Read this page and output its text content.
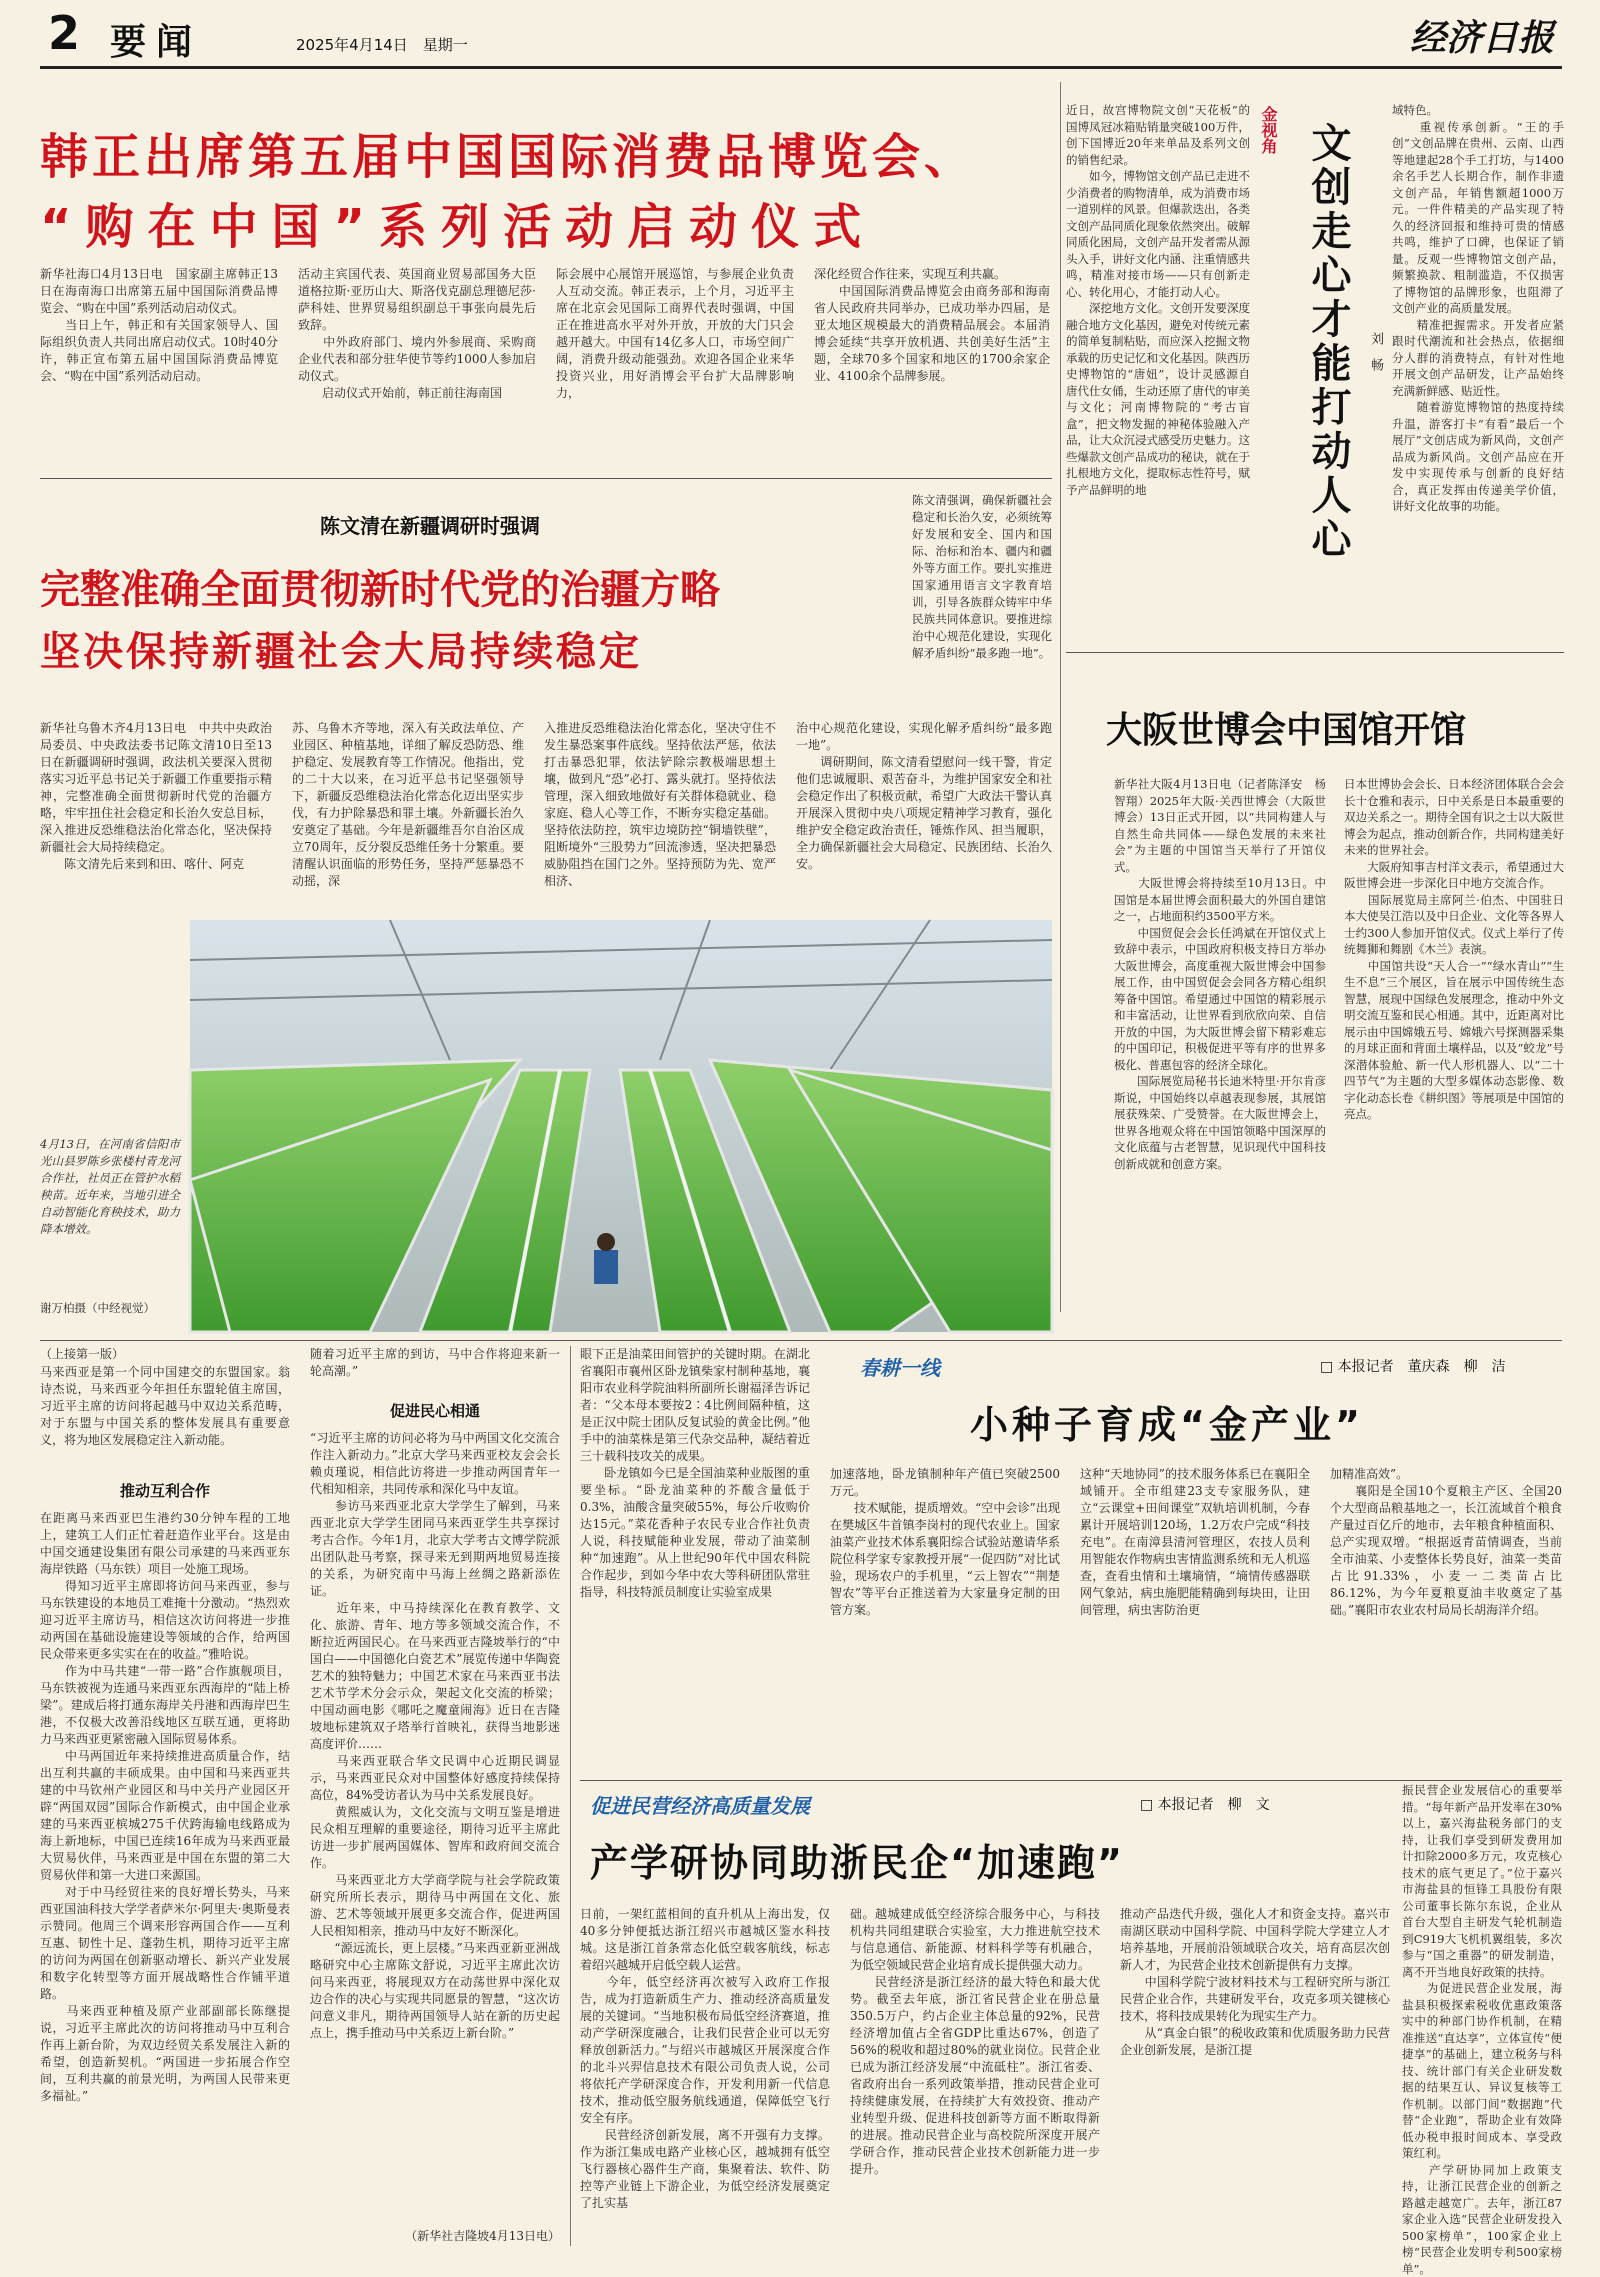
2 要闻	2025年4月14日　星期一	经济日报
韩正出席第五届中国国际消费品博览会、
“购在中国”系列活动启动仪式
新华社海口4月13日电　国家副主席韩正13日在海南海口出席第五届中国国际消费品博览会、“购在中国”系列活动启动仪式。
　　当日上午，韩正和有关国家领导人、国际组织负责人共同出席启动仪式。10时40分许，韩正宣布第五届中国国际消费品博览会、“购在中国”系列活动启动。
活动主宾国代表、英国商业贸易部国务大臣道格拉斯·亚历山大、斯洛伐克副总理德尼莎·萨科娃、世界贸易组织副总干事张向晨先后致辞。
　　中外政府部门、境内外参展商、采购商企业代表和部分驻华使节等约1000人参加启动仪式。
　　启动仪式开始前，韩正前往海南国
际会展中心展馆开展巡馆，与参展企业负责人互动交流。韩正表示，上个月，习近平主席在北京会见国际工商界代表时强调，中国正在推进高水平对外开放，开放的大门只会越开越大。中国有14亿多人口，市场空间广阔，消费升级动能强劲。欢迎各国企业来华投资兴业，用好消博会平台扩大品牌影响力，
深化经贸合作往来，实现互利共赢。
　　中国国际消费品博览会由商务部和海南省人民政府共同举办，已成功举办四届，是亚太地区规模最大的消费精品展会。本届消博会延续“共享开放机遇、共创美好生活”主题，全球70多个国家和地区的1700余家企业、4100余个品牌参展。
陈文清在新疆调研时强调
完整准确全面贯彻新时代党的治疆方略
坚决保持新疆社会大局持续稳定
陈文清强调，确保新疆社会稳定和长治久安，必须统筹好发展和安全、国内和国际、治标和治本、疆内和疆外等方面工作。要扎实推进国家通用语言文字教育培训，引导各族群众铸牢中华民族共同体意识。要推进综治中心规范化建设，实现化解矛盾纠纷“最多跑一地”。
新华社乌鲁木齐4月13日电　中共中央政治局委员、中央政法委书记陈文清10日至13日在新疆调研时强调，政法机关要深入贯彻落实习近平总书记关于新疆工作重要指示精神，完整准确全面贯彻新时代党的治疆方略，牢牢扭住社会稳定和长治久安总目标，深入推进反恐维稳法治化常态化，坚决保持新疆社会大局持续稳定。
　　陈文清先后来到和田、喀什、阿克
苏、乌鲁木齐等地，深入有关政法单位、产业园区、种植基地，详细了解反恐防恐、维护稳定、发展教育等工作情况。他指出，党的二十大以来，在习近平总书记坚强领导下，新疆反恐维稳法治化常态化迈出坚实步伐，有力护除暴恐和罪土壤。外新疆长治久安奠定了基础。今年是新疆维吾尔自治区成立70周年，反分裂反恐维任务十分繁重。要清醒认识面临的形势任务，坚持严惩暴恐不动摇，深
入推进反恐维稳法治化常态化，坚决守住不发生暴恐案事件底线。坚持依法严惩，依法打击暴恐犯罪，依法铲除宗教极端思想土壤，做到凡“恐”必打、露头就打。坚持依法管理，深入细致地做好有关群体稳就业、稳家庭、稳人心等工作，不断夯实稳定基础。坚持依法防控，筑牢边境防控“铜墙铁壁”，阻断境外“三股势力”回流渗透，坚决把暴恐威胁阻挡在国门之外。坚持预防为先、宽严相济、
治中心规范化建设，实现化解矛盾纠纷“最多跑一地”。
　　调研期间，陈文清看望慰问一线干警，肯定他们忠诚履职、艰苦奋斗，为维护国家安全和社会稳定作出了积极贡献，希望广大政法干警认真开展深入贯彻中央八项规定精神学习教育，强化维护安全稳定政治责任，锤炼作风、担当履职，全力确保新疆社会大局稳定、民族团结、长治久安。
4月13日，在河南省信阳市光山县罗陈乡张楼村青龙河合作社，社员正在管护水稻秧苗。近年来，当地引进全自动智能化育秧技术，助力降本增效。
谢万柏摄（中经视觉）
金视角 文创走心才能打动人心 刘　畅
近日，故宫博物院文创“天花板”的国博凤冠冰箱贴销量突破100万件，创下国博近20年来单品及系列文创的销售纪录。
　　如今，博物馆文创产品已走进不少消费者的购物清单，成为消费市场一道别样的风景。但爆款迭出，各类文创产品同质化现象依然突出。破解同质化困局，文创产品开发者需从源头入手，讲好文化内涵、注重情感共鸣，精准对接市场——只有创新走心、转化用心，才能打动人心。
　　深挖地方文化。文创开发要深度融合地方文化基因，避免对传统元素的简单复制粘贴，而应深入挖掘文物承载的历史记忆和文化基因。陕西历史博物馆的“唐妞”，设计灵感源自唐代仕女俑，生动还原了唐代的审美与文化；河南博物院的“考古盲盒”，把文物发掘的神秘体验融入产品，让大众沉浸式感受历史魅力。这些爆款文创产品成功的秘诀，就在于扎根地方文化，提取标志性符号，赋予产品鲜明的地
域特色。
　　重视传承创新。“王的手创”文创品牌在贵州、云南、山西等地建起28个手工打坊，与1400余名手艺人长期合作，制作非遗文创产品，年销售额超1000万元。一件件精美的产品实现了特久的经济回报和维持可贵的情感共鸣，维护了口碑，也保证了销量。反观一些博物馆文创产品，频繁换款、粗制滥造，不仅损害了博物馆的品牌形象，也阻滞了文创产业的高质量发展。
　　精准把握需求。开发者应紧跟时代潮流和社会热点，依据细分人群的消费特点，有针对性地开展文创产品研发，让产品始终充满新鲜感、贴近性。
　　随着游览博物馆的热度持续升温，游客打卡“有看”最后一个展厅”文创店成为新风尚，文创产品成为新风尚。文创产品应在开发中实现传承与创新的良好结合，真正发挥由传递美学价值，讲好文化故事的功能。
大阪世博会中国馆开馆
新华社大阪4月13日电（记者陈泽安　杨智翔）2025年大阪·关西世博会（大阪世博会）13日正式开园，以“共同构建人与自然生命共同体——绿色发展的未来社会”为主题的中国馆当天举行了开馆仪式。
　　大阪世博会将持续至10月13日。中国馆是本届世博会面积最大的外国自建馆之一，占地面积约3500平方米。
　　中国贸促会会长任鸿斌在开馆仪式上致辞中表示，中国政府积极支持日方举办大阪世博会，高度重视大阪世博会中国参展工作，由中国贸促会会同各方精心组织筹备中国馆。希望通过中国馆的精彩展示和丰富活动，让世界看到欣欣向荣、自信开放的中国，为大阪世博会留下精彩难忘的中国印记，积极促进平等有序的世界多极化、普惠包容的经济全球化。
　　国际展览局秘书长迪米特里·开尔肯彦斯说，中国始终以卓越表现参展，其展馆展获殊荣、广受赞誉。在大阪世博会上，世界各地观众将在中国馆领略中国深厚的文化底蕴与古老智慧，见识现代中国科技创新成就和创意方案。
日本世博协会会长、日本经济团体联合会会长十仓雅和表示，日中关系是日本最重要的双边关系之一。期待全国有识之士以大阪世博会为起点，推动创新合作，共同构建美好未来的世界社会。
　　大阪府知事吉村洋文表示，希望通过大阪世博会进一步深化日中地方交流合作。
　　国际展览局主席阿兰·伯杰、中国驻日本大使吴江浩以及中日企业、文化等各界人士约300人参加开馆仪式。仪式上举行了传统舞狮和舞剧《木兰》表演。
　　中国馆共设“天人合一”“绿水青山”“生生不息”三个展区，旨在展示中国传统生态智慧，展现中国绿色发展理念，推动中外文明交流互鉴和民心相通。其中，近距离对比展示由中国嫦娥五号、嫦娥六号探测器采集的月球正面和背面土壤样品，以及“蛟龙”号深潜体验舱、新一代人形机器人、以“二十四节气”为主题的大型多媒体动态影像、数字化动态长卷《耕织图》等展项是中国馆的亮点。
（上接第一版）
马来西亚是第一个同中国建交的东盟国家。翁诗杰说，马来西亚今年担任东盟轮值主席国，习近平主席的访问将起越马中双边关系范畴，对于东盟与中国关系的整体发展具有重要意义，将为地区发展稳定注入新动能。
推动互利合作
在距离马来西亚巴生港约30分钟车程的工地上，建筑工人们正忙着赶造作业平台。这是由中国交通建设集团有限公司承建的马来西亚东海岸铁路（马东铁）项目一处施工现场。
　　得知习近平主席即将访问马来西亚，参与马东铁建设的本地员工难掩十分激动。“热烈欢迎习近平主席访马，相信这次访问将进一步推动两国在基础设施建设等领域的合作，给两国民众带来更多实实在在的收益。”雅哈说。
　　作为中马共建“一带一路”合作旗舰项目，马东铁被视为连通马来西亚东西海岸的“陆上桥梁”。建成后将打通东海岸关丹港和西海岸巴生港，不仅极大改善沿线地区互联互通，更将助力马来西亚更紧密融入国际贸易体系。
　　中马两国近年来持续推进高质量合作，结出互利共赢的丰硕成果。由中国和马来西亚共建的中马钦州产业园区和马中关丹产业园区开辟“两国双园”国际合作新模式，由中国企业承建的马来西亚槟城275千伏跨海输电线路成为海上新地标，中国已连续16年成为马来西亚最大贸易伙伴，马来西亚是中国在东盟的第二大贸易伙伴和第一大进口来源国。
　　对于中马经贸往来的良好增长势头，马来西亚国油科技大学学者萨米尔·阿里夫·奥斯曼表示赞同。他周三个调来形容两国合作——互利互惠、韧性十足、蓬勃生机，期待习近平主席的访问为两国在创新驱动增长、新兴产业发展和数字化转型等方面开展战略性合作铺平道路。
　　马来西亚种植及原产业部副部长陈继提说，习近平主席此次的访问将推动马中互利合作再上新台阶，为双边经贸关系发展注入新的希望，创造新契机。“两国进一步拓展合作空间，互利共赢的前景光明，为两国人民带来更多福祉。”
随着习近平主席的到访，马中合作将迎来新一轮高潮。”
促进民心相通
“习近平主席的访问必将为马中两国文化交流合作注入新动力。”北京大学马来西亚校友会会长赖贞瑾说，相信此访将进一步推动两国青年一代相知相亲，共同传承和深化马中友谊。
　　参访马来西亚北京大学学生了解到，马来西亚北京大学学生团同马来西亚学生共享探讨考古合作。今年1月，北京大学考古文博学院派出团队赴马考察，探寻来无到期两地贸易连接的关系，为研究南中马海上丝绸之路新添佐证。
　　近年来，中马持续深化在教育教学、文化、旅游、青年、地方等多领域交流合作，不断拉近两国民心。在马来西亚吉隆坡举行的“中国白——中国德化白瓷艺术”展览传递中华陶瓷艺术的独特魅力；中国艺术家在马来西亚书法艺术节学术分会示众，架起文化交流的桥梁；中国动画电影《哪吒之魔童闹海》近日在吉隆坡地标建筑双子塔举行首映礼，获得当地影迷高度评价……
　　马来西亚联合华文民调中心近期民调显示，马来西亚民众对中国整体好感度持续保持高位，84%受访者认为马中关系发展良好。
　　黄熙威认为，文化交流与文明互鉴是增进民众相互理解的重要途径，期待习近平主席此访进一步扩展两国媒体、智库和政府间交流合作。
　　马来西亚北方大学商学院与社会学院政策研究所所长表示，期待马中两国在文化、旅游、艺术等领域开展更多交流合作，促进两国人民相知相亲，推动马中友好不断深化。
　　“源远流长，更上层楼。”马来西亚新亚洲战略研究中心主席陈文舒说，习近平主席此次访问马来西亚，将展现双方在动荡世界中深化双边合作的决心与实现共同愿景的智慧，“这次访问意义非凡，期待两国领导人站在新的历史起点上，携手推动马中关系迈上新台阶。”
（新华社吉隆坡4月13日电）
春耕一线	□ 本报记者　董庆森　柳　洁
小种子育成“金产业”
眼下正是油菜田间管护的关键时期。在湖北省襄阳市襄州区卧龙镇柴家村制种基地，襄阳市农业科学院油料所副所长谢福泽告诉记者：“父本母本要按2∶4比例间隔种植，这是正汉中院士团队反复试验的黄金比例。”他手中的油菜株是第三代杂交品种，凝结着近三十载科技攻关的成果。
　　卧龙镇如今已是全国油菜种业版图的重要坐标。“卧龙油菜种的芥酸含量低于0.3%，油酸含量突破55%，每公斤收购价达15元。”菜花香种子农民专业合作社负责人说，科技赋能种业发展，带动了油菜制种“加速跑”。从上世纪90年代中国农科院合作起步，到如今华中农大等科研团队常驻指导，科技特派员制度让实验室成果
加速落地，卧龙镇制种年产值已突破2500万元。
　　技术赋能，提质增效。“空中会诊”出现在樊城区牛首镇李岗村的现代农业上。国家油菜产业技术体系襄阳综合试验站邀请华系院位科学家专家教授开展“一促四防”对比试验，现场农户的手机里，“云上智农”“荆楚智农”等平台正推送着为大家量身定制的田管方案。
这种“天地协同”的技术服务体系已在襄阳全域铺开。全市组建23支专家服务队，建立“云课堂+田间课堂”双轨培训机制，今春累计开展培训120场，1.2万农户完成“科技充电”。在南漳县清河管理区，农技人员利用智能农作物病虫害情监测系统和无人机巡查，查看虫情和土壤墒情，“墒情传感器联网气象站，病虫施肥能精确到每块田，让田间管理，病虫害防治更
加精准高效”。
　　襄阳是全国10个夏粮主产区、全国20个大型商品粮基地之一，长江流域首个粮食产量过百亿斤的地市，去年粮食种植面积、总产实现双增。“根据返青苗情调查，当前全市油菜、小麦整体长势良好，油菜一类苗占比91.33%，小麦一二类苗占比86.12%，为今年夏粮夏油丰收奠定了基础。”襄阳市农业农村局局长胡海洋介绍。
促进民营经济高质量发展	□ 本报记者　柳　文
产学研协同助浙民企“加速跑”
振民营企业发展信心的重要举措。“每年新产品开发率在30%以上，嘉兴海盐税务部门的支持，让我们享受到研发费用加计扣除2000多万元，攻克核心技术的底气更足了。”位于嘉兴市海盐县的恒锋工具股份有限公司董事长陈尔东说，企业从首台大型自主研发气轮机制造到C919大飞机机翼组装，多次参与“国之重器”的研发制造，离不开当地良好政策的扶持。
　　为促进民营企业发展，海盐县积极探索税收优惠政策落实中的种部门协作机制，在精准推送“直达享”，立体宣传“便捷享”的基础上，建立税务与科技、统计部门有关企业研发数据的结果互认、异议复核等工作机制。以部门间“数据跑”代替“企业跑”，帮助企业有效降低办税申报时间成本、享受政策红利。
　　产学研协同加上政策支持，让浙江民营企业的创新之路越走越宽广。去年，浙江87家企业入选“民营企业研发投入500家榜单”，100家企业上榜“民营企业发明专利500家榜单”。
日前，一架红蓝相间的直升机从上海出发，仅40多分钟便抵达浙江绍兴市越城区鉴水科技城。这是浙江首条常态化低空载客航线，标志着绍兴越城开启低空载人运营。
　　今年，低空经济再次被写入政府工作报告，成为打造新质生产力、推动经济高质量发展的关键词。“当地积极布局低空经济赛道，推动产学研深度融合，让我们民营企业可以无穷释放创新活力。”与绍兴市越城区开展深度合作的北斗兴羿信息技术有限公司负责人说，公司将依托产学研深度合作，开发利用新一代信息技术，推动低空服务航线通道，保障低空飞行安全有序。
　　民营经济创新发展，离不开强有力支撑。作为浙江集成电路产业核心区，越城拥有低空飞行器核心器件生产商，集聚着法、软件、防控等产业链上下游企业，为低空经济发展奠定了扎实基
础。越城建成低空经济综合服务中心，与科技机构共同组建联合实验室，大力推进航空技术与信息通信、新能源、材料科学等有机融合，为低空领域民营企业培育成长提供强大动力。
　　民营经济是浙江经济的最大特色和最大优势。截至去年底，浙江省民营企业在册总量350.5万户，约占企业主体总量的92%，民营经济增加值占全省GDP比重达67%，创造了56%的税收和超过80%的就业岗位。民营企业已成为浙江经济发展“中流砥柱”。浙江省委、省政府出台一系列政策举措，推动民营企业可持续健康发展，在持续扩大有效投资、推动产业转型升级、促进科技创新等方面不断取得新的进展。推动民营企业与高校院所深度开展产学研合作，推动民营企业技术创新能力进一步提升。
推动产品迭代升级，强化人才和资金支持。嘉兴市南湖区联动中国科学院、中国科学院大学建立人才培养基地，开展前沿领域联合攻关，培育高层次创新人才，为民营企业技术创新提供有力支撑。
　　中国科学院宁波材料技术与工程研究所与浙江民营企业合作，共建研发平台，攻克多项关键核心技术，将科技成果转化为现实生产力。
　　从“真金白银”的税收政策和优质服务助力民营企业创新发展，是浙江提
